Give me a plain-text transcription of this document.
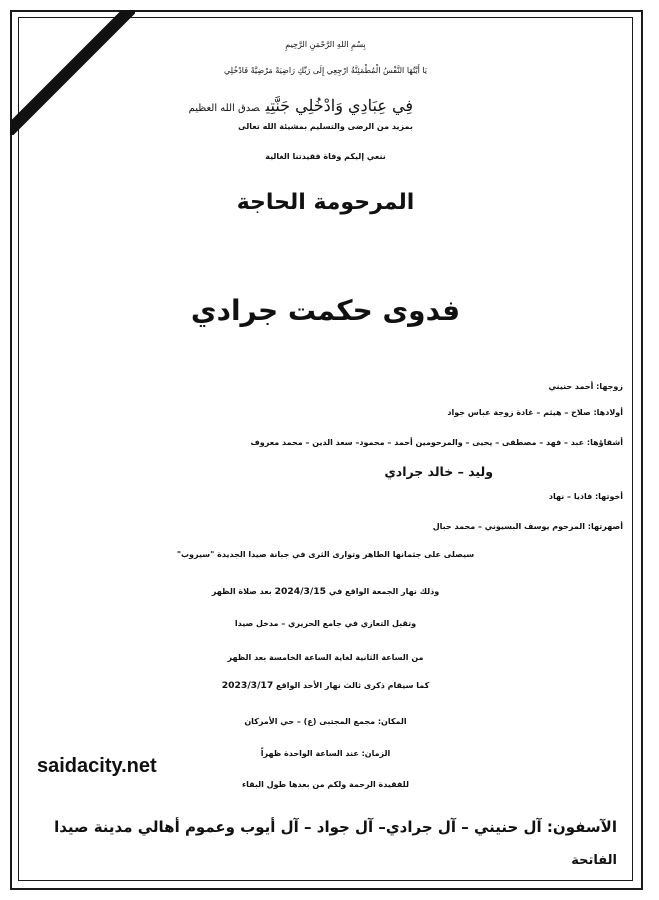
بِسْمِ اللهِ الرَّحْمَنِ الرَّحِيمِ
يَا أَيَّتُهَا النَّفْسُ الْمُطْمَئِنَّةُ ارْجِعِي إِلَى رَبِّكِ رَاضِيَةً مَرْضِيَّةً فَادْخُلِي
فِي عِبَادِي وَادْخُلِي جَنَّتِيصدق الله العظيم
بمزيد من الرضى والتسليم بمشيئة الله تعالى
ننعي إليكم وفاة فقيدتنا الغالية
المرحومة الحاجة
فدوى حكمت جرادي
زوجها: أحمد حنيني
أولادها: صلاح – هيثم – غادة زوجة عباس جواد
أشقاؤها: عبد – فهد – مصطفى – يحيى – والمرحومين أحمد – محمود– سعد الدين – محمد معروف
وليد – خالد جرادي
أخوتها: فاديا – نهاد
أصهرتها: المرحوم يوسف البسيوني – محمد حبال
سيصلى على جثمانها الطاهر وتوارى الثرى في جبانة صيدا الجديدة "سيروب"
وذلك نهار الجمعة الواقع في 2024/3/15 بعد صلاة الظهر
وتقبل التعازي في جامع الحريري – مدخل صيدا
من الساعة الثانية لغاية الساعة الخامسة بعد الظهر
كما سيقام ذكرى ثالث نهار الأحد الواقع 2023/3/17
المكان: مجمع المجتبى (ع) – حي الأمركان
الزمان: عند الساعة الواحدة ظهراً
للفقيدة الرحمة ولكم من بعدها طول البقاء
الآسفون: آل حنيني – آل جرادي– آل جواد – آل أيوب وعموم أهالي مدينة صيدا
الفاتحة
saidacity.net
